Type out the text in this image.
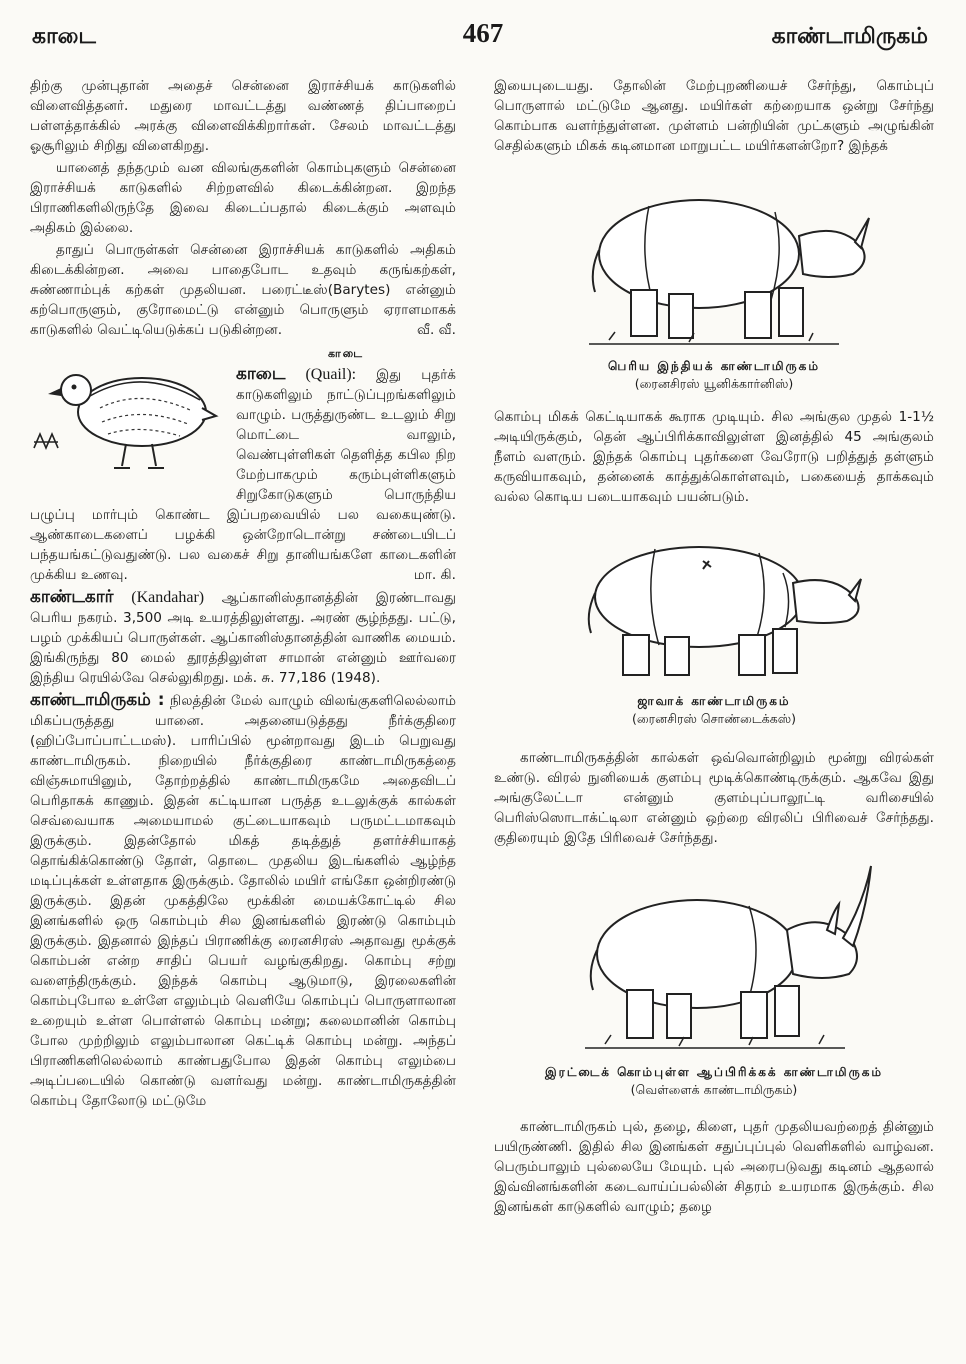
காடை	467	காண்டாமிருகம்

திற்கு முன்புதான் அதைச் சென்னை இராச்சியக் காடுகளில் விளைவித்தனர். மதுரை மாவட்டத்து வண்ணத் திப்பாறைப் பள்ளத்தாக்கில் அரக்கு விளைவிக்கிறார்கள். சேலம் மாவட்டத்து ஓசூரிலும் சிறிது விளைகிறது.

யானைத் தந்தமும் வன விலங்குகளின் கொம்புகளும் சென்னை இராச்சியக் காடுகளில் சிற்றளவில் கிடைக்கின்றன. இறந்த பிராணிகளிலிருந்தே இவை கிடைப்பதால் கிடைக்கும் அளவும் அதிகம் இல்லை.

தாதுப் பொருள்கள் சென்னை இராச்சியக் காடுகளில் அதிகம் கிடைக்கின்றன. அவை பாதைபோட உதவும் கருங்கற்கள், சுண்ணாம்புக் கற்கள் முதலியன. பரைட்டீஸ்(Barytes) என்னும் கற்பொருளும், குரோமைட்டு என்னும் பொருளும் ஏராளமாகக் காடுகளில் வெட்டியெடுக்கப் படுகின்றன.	வீ. வீ.

காடை
காடை (Quail): இது புதர்க் காடுகளிலும் நாட்டுப்புறங்களிலும் வாழும். பருத்துருண்ட உடலும் சிறு மொட்டை வாலும், வெண்புள்ளிகள் தெளித்த கபில நிற மேற்பாகமும் கரும்புள்ளிகளும் சிறுகோடுகளும் பொருந்திய பழுப்பு மார்பும் கொண்ட இப்பறவையில் பல வகையுண்டு. ஆண்காடைகளைப் பழக்கி ஒன்றோடொன்று சண்டையிடப் பந்தயங்கட்டுவதுண்டு. பல வகைச் சிறு தானியங்களே காடைகளின் முக்கிய உணவு.	மா. கி.

காண்டகார் (Kandahar) ஆப்கானிஸ்தானத்தின் இரண்டாவது பெரிய நகரம். 3,500 அடி உயரத்திலுள்ளது. அரண் சூழ்ந்தது. பட்டு, பழம் முக்கியப் பொருள்கள். ஆப்கானிஸ்தானத்தின் வாணிக மையம். இங்கிருந்து 80 மைல் தூரத்திலுள்ள சாமான் என்னும் ஊர்வரை இந்திய ரெயில்வே செல்லுகிறது. மக். சு. 77,186 (1948).

காண்டாமிருகம் : நிலத்தின் மேல் வாழும் விலங்குகளிலெல்லாம் மிகப்பருத்தது யானை. அதனையடுத்தது நீர்க்குதிரை (ஹிப்போப்பாட்டமஸ்). பாரிப்பில் மூன்றாவது இடம் பெறுவது காண்டாமிருகம். நிறையில் நீர்க்குதிரை காண்டாமிருகத்தை விஞ்சுமாயினும், தோற்றத்தில் காண்டாமிருகமே அதைவிடப் பெரிதாகக் காணும். இதன் கட்டியான பருத்த உடலுக்குக் கால்கள் செவ்வையாக அமையாமல் குட்டையாகவும் பருமட்டமாகவும் இருக்கும். இதன்தோல் மிகத் தடித்துத் தளர்ச்சியாகத் தொங்கிக்கொண்டு தோள், தொடை முதலிய இடங்களில் ஆழ்ந்த மடிப்புக்கள் உள்ளதாக இருக்கும். தோலில் மயிர் எங்கோ ஒன்றிரண்டு இருக்கும். இதன் முகத்திலே மூக்கின் மையக்கோட்டில் சில இனங்களில் ஒரு கொம்பும் சில இனங்களில் இரண்டு கொம்பும் இருக்கும். இதனால் இந்தப் பிராணிக்கு ரைனசிரஸ் அதாவது மூக்குக் கொம்பன் என்ற சாதிப் பெயர் வழங்குகிறது. கொம்பு சற்று வளைந்திருக்கும். இந்தக் கொம்பு ஆடுமாடு, இரலைகளின் கொம்புபோல உள்ளே எலும்பும் வெளியே கொம்புப் பொருளாலான உறையும் உள்ள பொள்ளல் கொம்பு மன்று; கலைமானின் கொம்பு போல முற்றிலும் எலும்பாலான கெட்டிக் கொம்பு மன்று. அந்தப் பிராணிகளிலெல்லாம் காண்பதுபோல இதன் கொம்பு எலும்பை அடிப்படையில் கொண்டு வளர்வது மன்று. காண்டாமிருகத்தின் கொம்பு தோலோடு மட்டுமே

இயைபுடையது. தோலின் மேற்புறணியைச் சேர்ந்து, கொம்புப் பொருளால் மட்டுமே ஆனது. மயிர்கள் கற்றையாக ஒன்று சேர்ந்து கொம்பாக வளர்ந்துள்ளன. முள்ளம் பன்றியின் முட்களும் அழுங்கின் செதில்களும் மிகக் கடினமான மாறுபட்ட மயிர்களன்றோ? இந்தக்

பெரிய இந்தியக் காண்டாமிருகம்
(ரைனசிரஸ் யூனிக்கார்னிஸ்)

கொம்பு மிகக் கெட்டியாகக் கூராக முடியும். சில அங்குல முதல் 1-1½ அடியிருக்கும், தென் ஆப்பிரிக்காவிலுள்ள இனத்தில் 45 அங்குலம் நீளம் வளரும். இந்தக் கொம்பு புதர்களை வேரோடு பறித்துத் தள்ளும் கருவியாகவும், தன்னைக் காத்துக்கொள்ளவும், பகையைத் தாக்கவும் வல்ல கொடிய படையாகவும் பயன்படும்.

ஜாவாக் காண்டாமிருகம்
(ரைனசிரஸ் சொண்டைக்கஸ்)

காண்டாமிருகத்தின் கால்கள் ஒவ்வொன்றிலும் மூன்று விரல்கள் உண்டு. விரல் நுனியைக் குளம்பு மூடிக்கொண்டிருக்கும். ஆகவே இது அங்குலேட்டா என்னும் குளம்புப்பாலூட்டி வரிசையில் பெரிஸ்ஸொடாக்ட்டிலா என்னும் ஒற்றை விரலிப் பிரிவைச் சேர்ந்தது. குதிரையும் இதே பிரிவைச் சேர்ந்தது.

இரட்டைக் கொம்புள்ள ஆப்பிரிக்கக் காண்டாமிருகம்
(வெள்ளைக் காண்டாமிருகம்)

காண்டாமிருகம் புல், தழை, கிளை, புதர் முதலியவற்றைத் தின்னும் பயிருண்ணி. இதில் சில இனங்கள் சதுப்புப்புல் வெளிகளில் வாழ்வன. பெரும்பாலும் புல்லையே மேயும். புல் அரைபடுவது கடினம் ஆதலால் இவ்வினங்களின் கடைவாய்ப்பல்லின் சிதரம் உயரமாக இருக்கும். சில இனங்கள் காடுகளில் வாழும்; தழை
